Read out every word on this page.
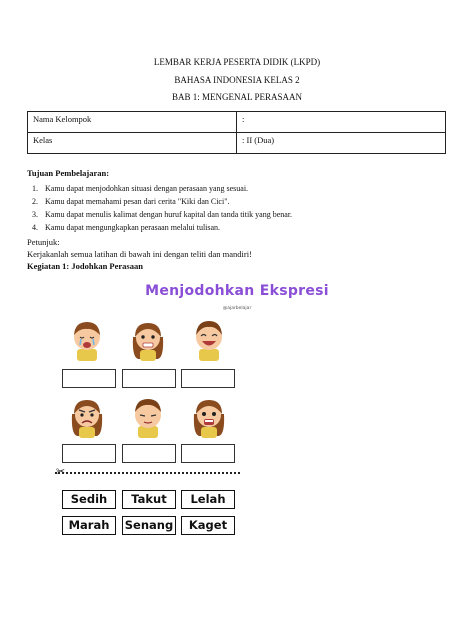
LEMBAR KERJA PESERTA DIDIK (LKPD)
BAHASA INDONESIA KELAS 2
BAB 1: MENGENAL PERASAAN
Nama Kelompok	:
Kelas	: II (Dua)
Tujuan Pembelajaran:
1. Kamu dapat menjodohkan situasi dengan perasaan yang sesuai.
2. Kamu dapat memahami pesan dari cerita "Kiki dan Cici".
3. Kamu dapat menulis kalimat dengan huruf kapital dan tanda titik yang benar.
4. Kamu dapat mengungkapkan perasaan melalui tulisan.
Petunjuk:
Kerjakanlah semua latihan di bawah ini dengan teliti dan mandiri!
Kegiatan 1: Jodohkan Perasaan
Menjodohkan Ekspresi
@ajarbelajar
✂
Sedih	Takut	Lelah
Marah	Senang	Kaget
